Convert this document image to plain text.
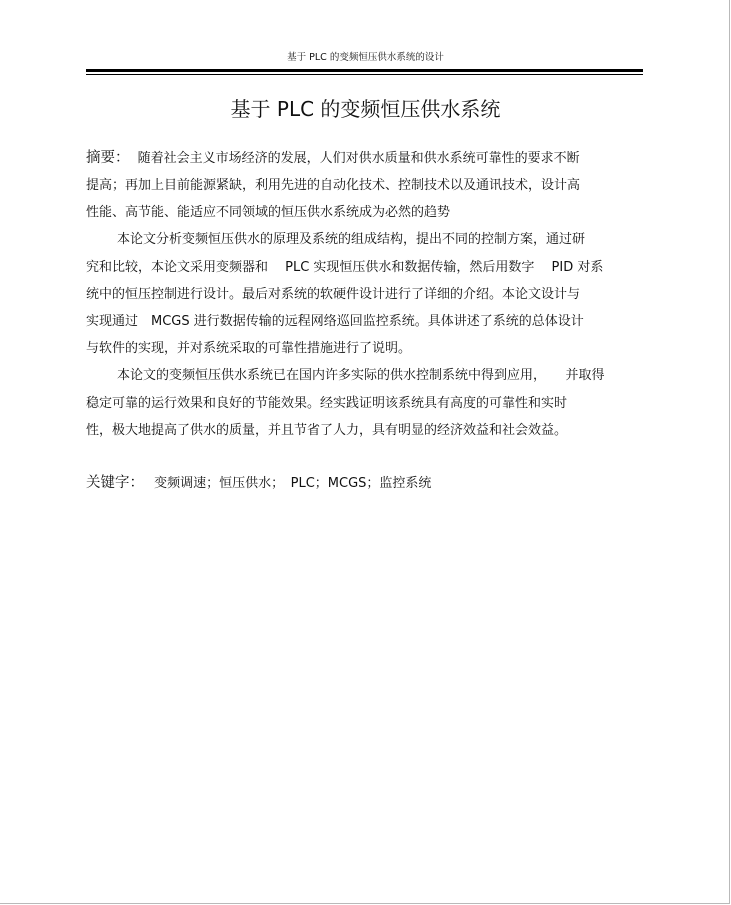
基于 PLC 的变频恒压供水系统的设计
基于 PLC 的变频恒压供水系统
摘要： 随着社会主义市场经济的发展，人们对供水质量和供水系统可靠性的要求不断
提高；再加上目前能源紧缺，利用先进的自动化技术、控制技术以及通讯技术，设计高
性能、高节能、能适应不同领域的恒压供水系统成为必然的趋势
本论文分析变频恒压供水的原理及系统的组成结构，提出不同的控制方案，通过研
究和比较，本论文采用变频器和　 PLC 实现恒压供水和数据传输，然后用数字　 PID 对系
统中的恒压控制进行设计。最后对系统的软硬件设计进行了详细的介绍。本论文设计与
实现通过　MCGS 进行数据传输的远程网络巡回监控系统。具体讲述了系统的总体设计
与软件的实现，并对系统采取的可靠性措施进行了说明。
本论文的变频恒压供水系统已在国内许多实际的供水控制系统中得到应用，　　并取得
稳定可靠的运行效果和良好的节能效果。经实践证明该系统具有高度的可靠性和实时
性，极大地提高了供水的质量，并且节省了人力，具有明显的经济效益和社会效益。
关键字： 变频调速；恒压供水；　PLC；MCGS；监控系统
